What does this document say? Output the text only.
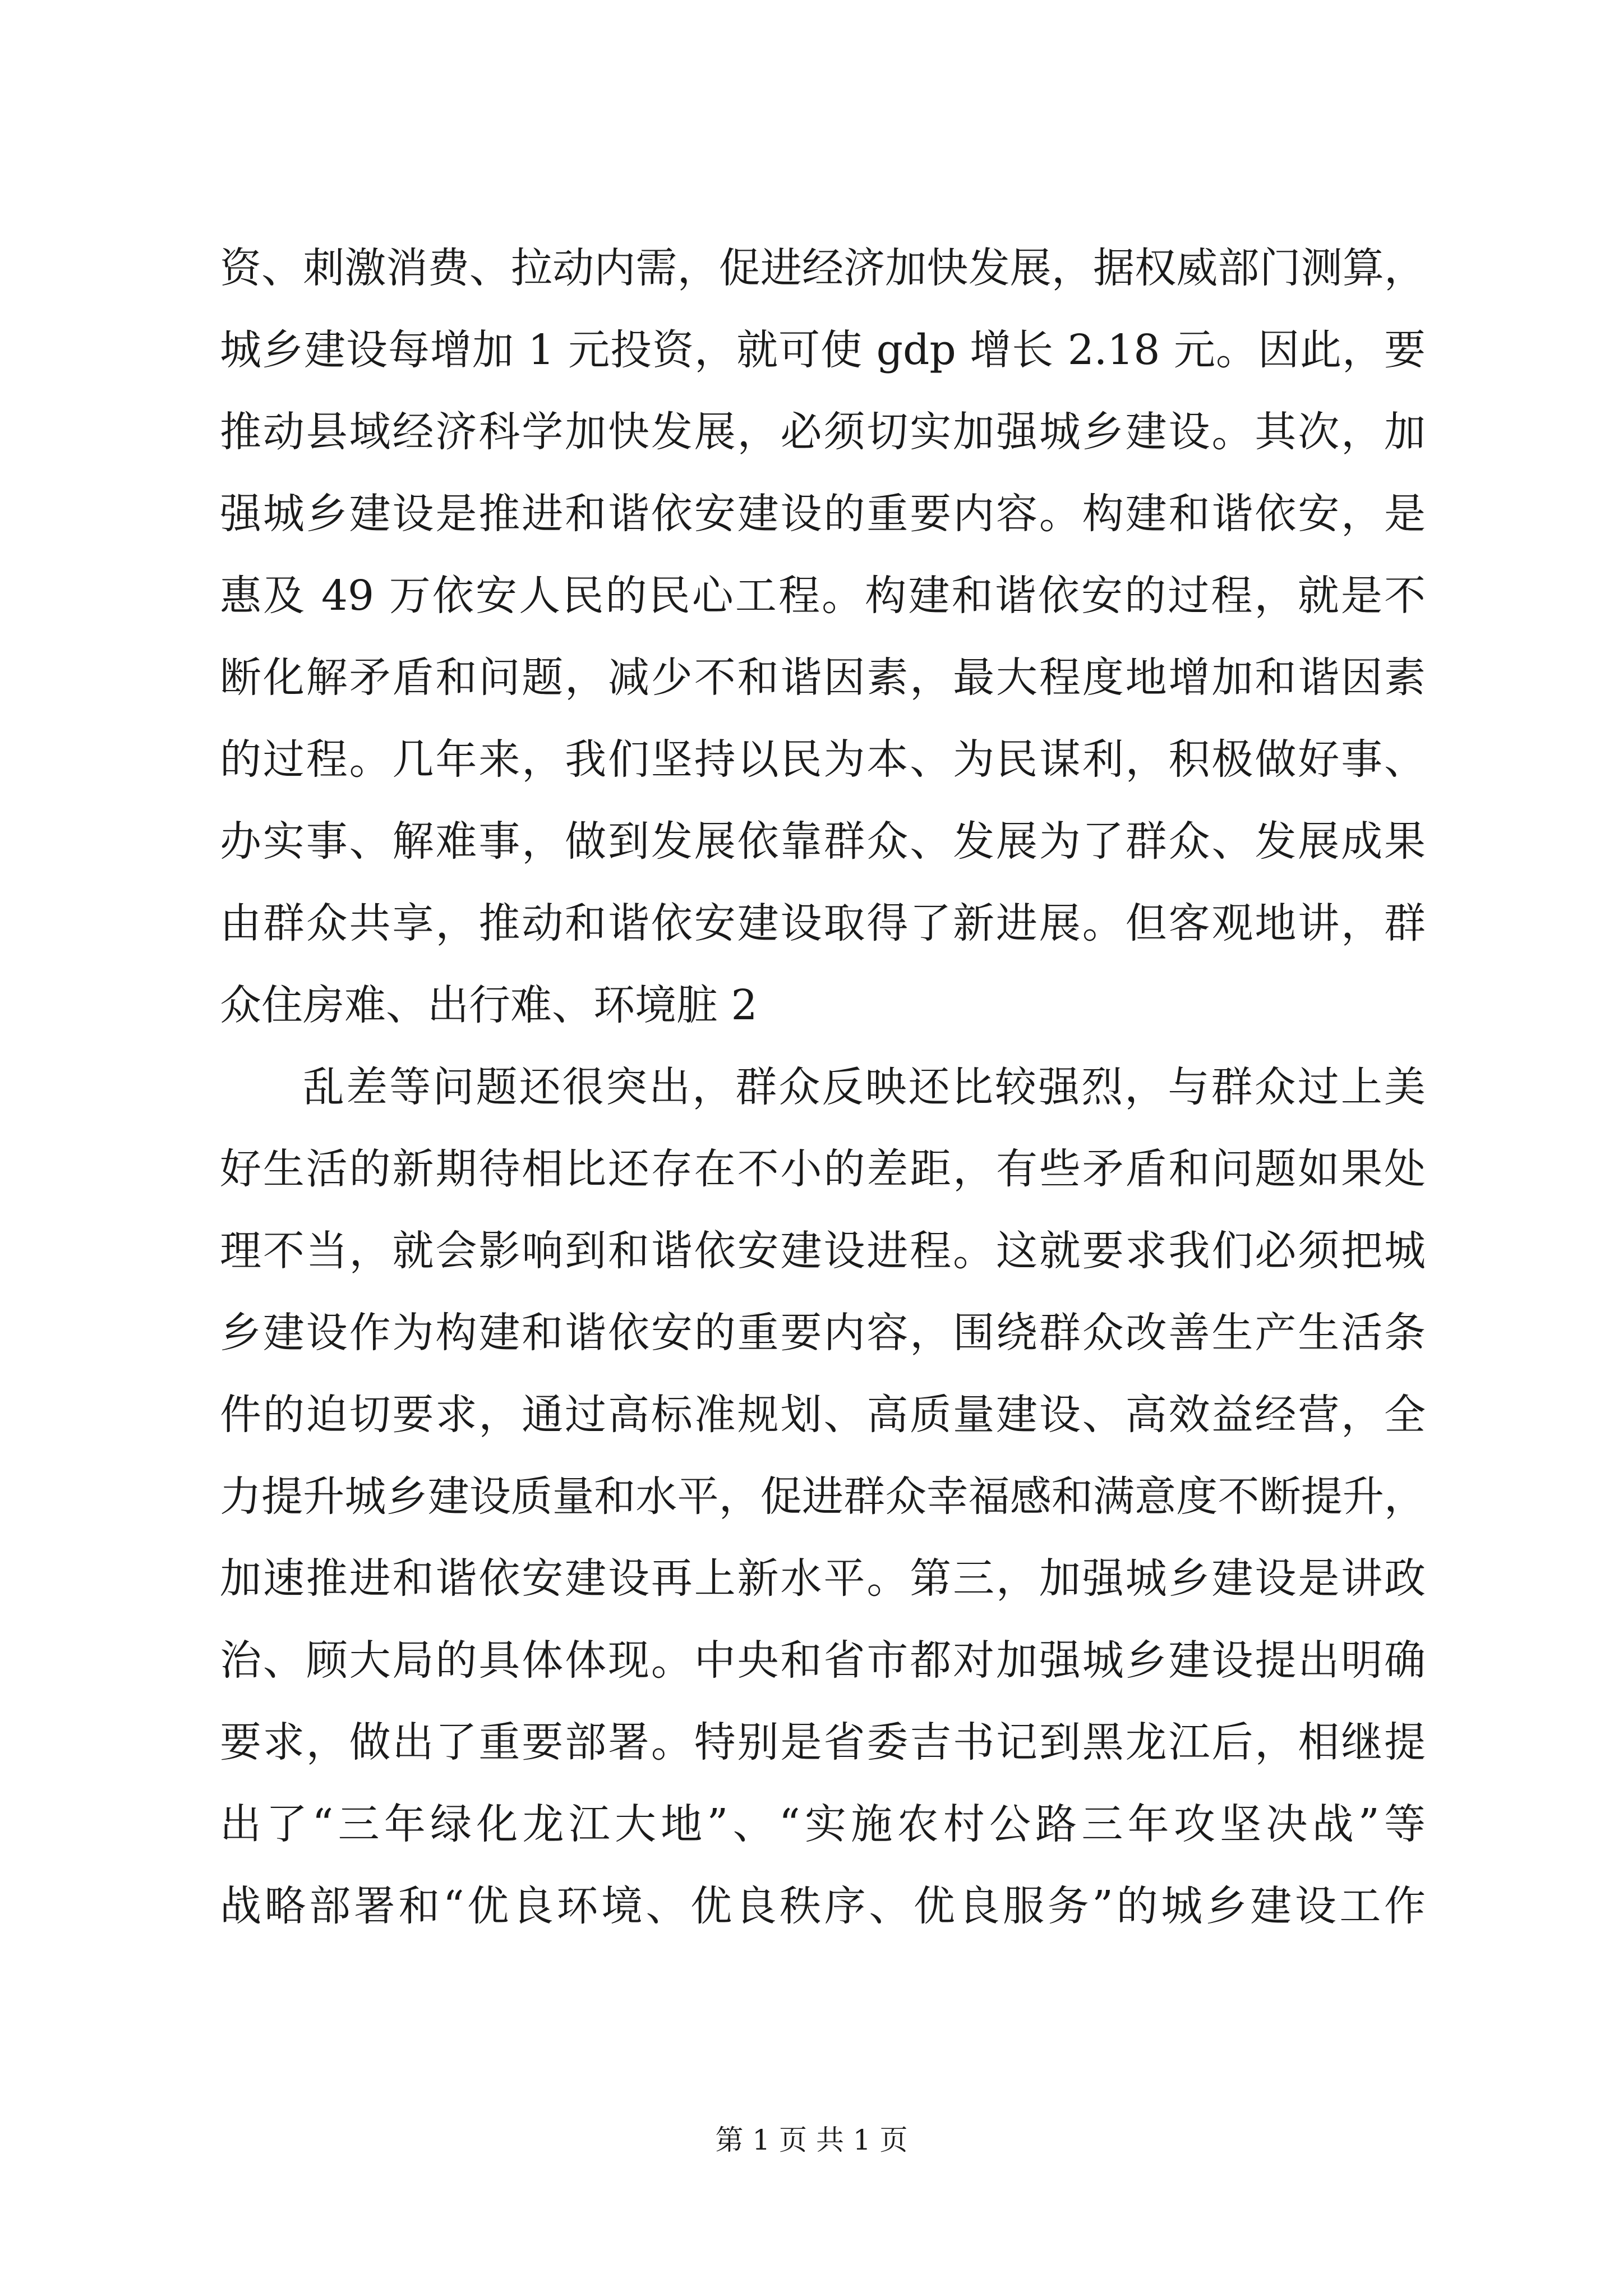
资、刺激消费、拉动内需，促进经济加快发展，据权威部门测算，
城乡建设每增加 1 元投资，就可使 gdp 增长 2.18 元。因此，要
推动县域经济科学加快发展，必须切实加强城乡建设。其次，加
强城乡建设是推进和谐依安建设的重要内容。构建和谐依安，是
惠及 49 万依安人民的民心工程。构建和谐依安的过程，就是不
断化解矛盾和问题，减少不和谐因素，最大程度地增加和谐因素
的过程。几年来，我们坚持以民为本、为民谋利，积极做好事、
办实事、解难事，做到发展依靠群众、发展为了群众、发展成果
由群众共享，推动和谐依安建设取得了新进展。但客观地讲，群
众住房难、出行难、环境脏 2
乱差等问题还很突出，群众反映还比较强烈，与群众过上美
好生活的新期待相比还存在不小的差距，有些矛盾和问题如果处
理不当，就会影响到和谐依安建设进程。这就要求我们必须把城
乡建设作为构建和谐依安的重要内容，围绕群众改善生产生活条
件的迫切要求，通过高标准规划、高质量建设、高效益经营，全
力提升城乡建设质量和水平，促进群众幸福感和满意度不断提升，
加速推进和谐依安建设再上新水平。第三，加强城乡建设是讲政
治、顾大局的具体体现。中央和省市都对加强城乡建设提出明确
要求，做出了重要部署。特别是省委吉书记到黑龙江后，相继提
出了“三年绿化龙江大地”、“实施农村公路三年攻坚决战”等
战略部署和“优良环境、优良秩序、优良服务”的城乡建设工作
第 1 页 共 1 页
